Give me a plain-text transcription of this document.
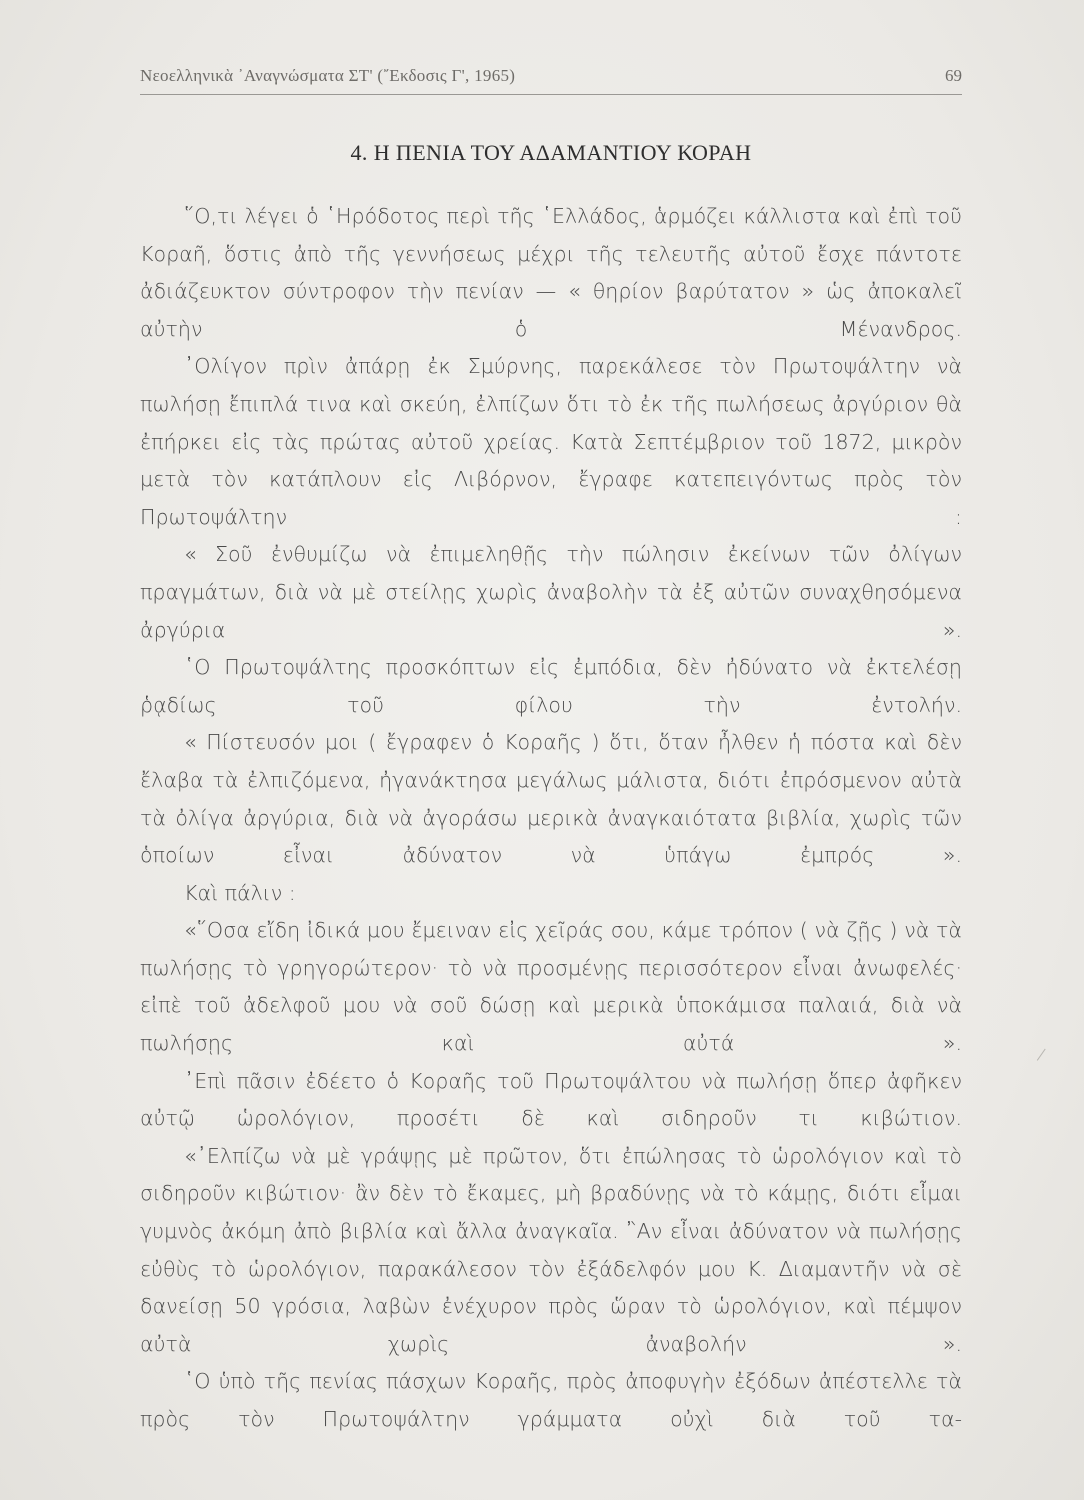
Νεοελληνικὰ ᾿Αναγνώσματα ΣΤ' (῎Εκδοσις Γ', 1965)	69
4. Η ΠΕΝΙΑ ΤΟΥ ΑΔΑΜΑΝΤΙΟΥ ΚΟΡΑΗ

῞Ο,τι λέγει ὁ ῾Ηρόδοτος περὶ τῆς ῾Ελλάδος, ἁρμόζει κάλλιστα καὶ ἐπὶ τοῦ Κοραῆ, ὅστις ἀπὸ τῆς γεννήσεως μέχρι τῆς τελευτῆς αὐτοῦ ἔσχε πάντοτε ἀδιάζευκτον σύντροφον τὴν πενίαν — « θηρίον βαρύτατον » ὡς ἀποκαλεῖ αὐτὴν ὁ Μένανδρος.

᾿Ολίγον πρὶν ἀπάρῃ ἐκ Σμύρνης, παρεκάλεσε τὸν Πρωτοψάλτην νὰ πωλήσῃ ἔπιπλά τινα καὶ σκεύη, ἐλπίζων ὅτι τὸ ἐκ τῆς πωλήσεως ἀργύριον θὰ ἐπήρκει εἰς τὰς πρώτας αὐτοῦ χρείας. Κατὰ Σεπτέμβριον τοῦ 1872, μικρὸν μετὰ τὸν κατάπλουν εἰς Λιβόρνον, ἔγραφε κατεπειγόντως πρὸς τὸν Πρωτοψάλτην :

« Σοῦ ἐνθυμίζω νὰ ἐπιμεληθῇς τὴν πώλησιν ἐκείνων τῶν ὀλίγων πραγμάτων, διὰ νὰ μὲ στείλῃς χωρὶς ἀναβολὴν τὰ ἐξ αὐτῶν συναχθησόμενα ἀργύρια ».

῾Ο Πρωτοψάλτης προσκόπτων εἰς ἐμπόδια, δὲν ἠδύνατο νὰ ἐκτελέσῃ ῥᾳδίως τοῦ φίλου τὴν ἐντολήν.

« Πίστευσόν μοι ( ἔγραφεν ὁ Κοραῆς ) ὅτι, ὅταν ἦλθεν ἡ πόστα καὶ δὲν ἔλαβα τὰ ἐλπιζόμενα, ἠγανάκτησα μεγάλως μάλιστα, διότι ἐπρόσμενον αὐτὰ τὰ ὀλίγα ἀργύρια, διὰ νὰ ἀγοράσω μερικὰ ἀναγκαιότατα βιβλία, χωρὶς τῶν ὁποίων εἶναι ἀδύνατον νὰ ὑπάγω ἐμπρός ».

Καὶ πάλιν :

«῞Οσα εἴδη ἰδικά μου ἔμειναν εἰς χεῖράς σου, κάμε τρόπον ( νὰ ζῇς ) νὰ τὰ πωλήσῃς τὸ γρηγορώτερον· τὸ νὰ προσμένῃς περισσότερον εἶναι ἀνωφελές· εἰπὲ τοῦ ἀδελφοῦ μου νὰ σοῦ δώσῃ καὶ μερικὰ ὑποκάμισα παλαιά, διὰ νὰ πωλήσῃς καὶ αὐτά ».

᾿Επὶ πᾶσιν ἐδέετο ὁ Κοραῆς τοῦ Πρωτοψάλτου νὰ πωλήσῃ ὅπερ ἀφῆκεν αὐτῷ ὡρολόγιον, προσέτι δὲ καὶ σιδηροῦν τι κιβώτιον.

«᾿Ελπίζω νὰ μὲ γράψῃς μὲ πρῶτον, ὅτι ἐπώλησας τὸ ὡρολόγιον καὶ τὸ σιδηροῦν κιβώτιον· ἂν δὲν τὸ ἔκαμες, μὴ βραδύνῃς νὰ τὸ κάμῃς, διότι εἶμαι γυμνὸς ἀκόμη ἀπὸ βιβλία καὶ ἄλλα ἀναγκαῖα. ῍Αν εἶναι ἀδύνατον νὰ πωλήσῃς εὐθὺς τὸ ὡρολόγιον, παρακάλεσον τὸν ἐξάδελφόν μου Κ. Διαμαντῆν νὰ σὲ δανείσῃ 50 γρόσια, λαβὼν ἐνέχυρον πρὸς ὥραν τὸ ὡρολόγιον, καὶ πέμψον αὐτὰ χωρὶς ἀναβολήν ».

῾Ο ὑπὸ τῆς πενίας πάσχων Κοραῆς, πρὸς ἀποφυγὴν ἐξόδων ἀπέστελλε τὰ πρὸς τὸν Πρωτοψάλτην γράμματα οὐχὶ διὰ τοῦ τα-
